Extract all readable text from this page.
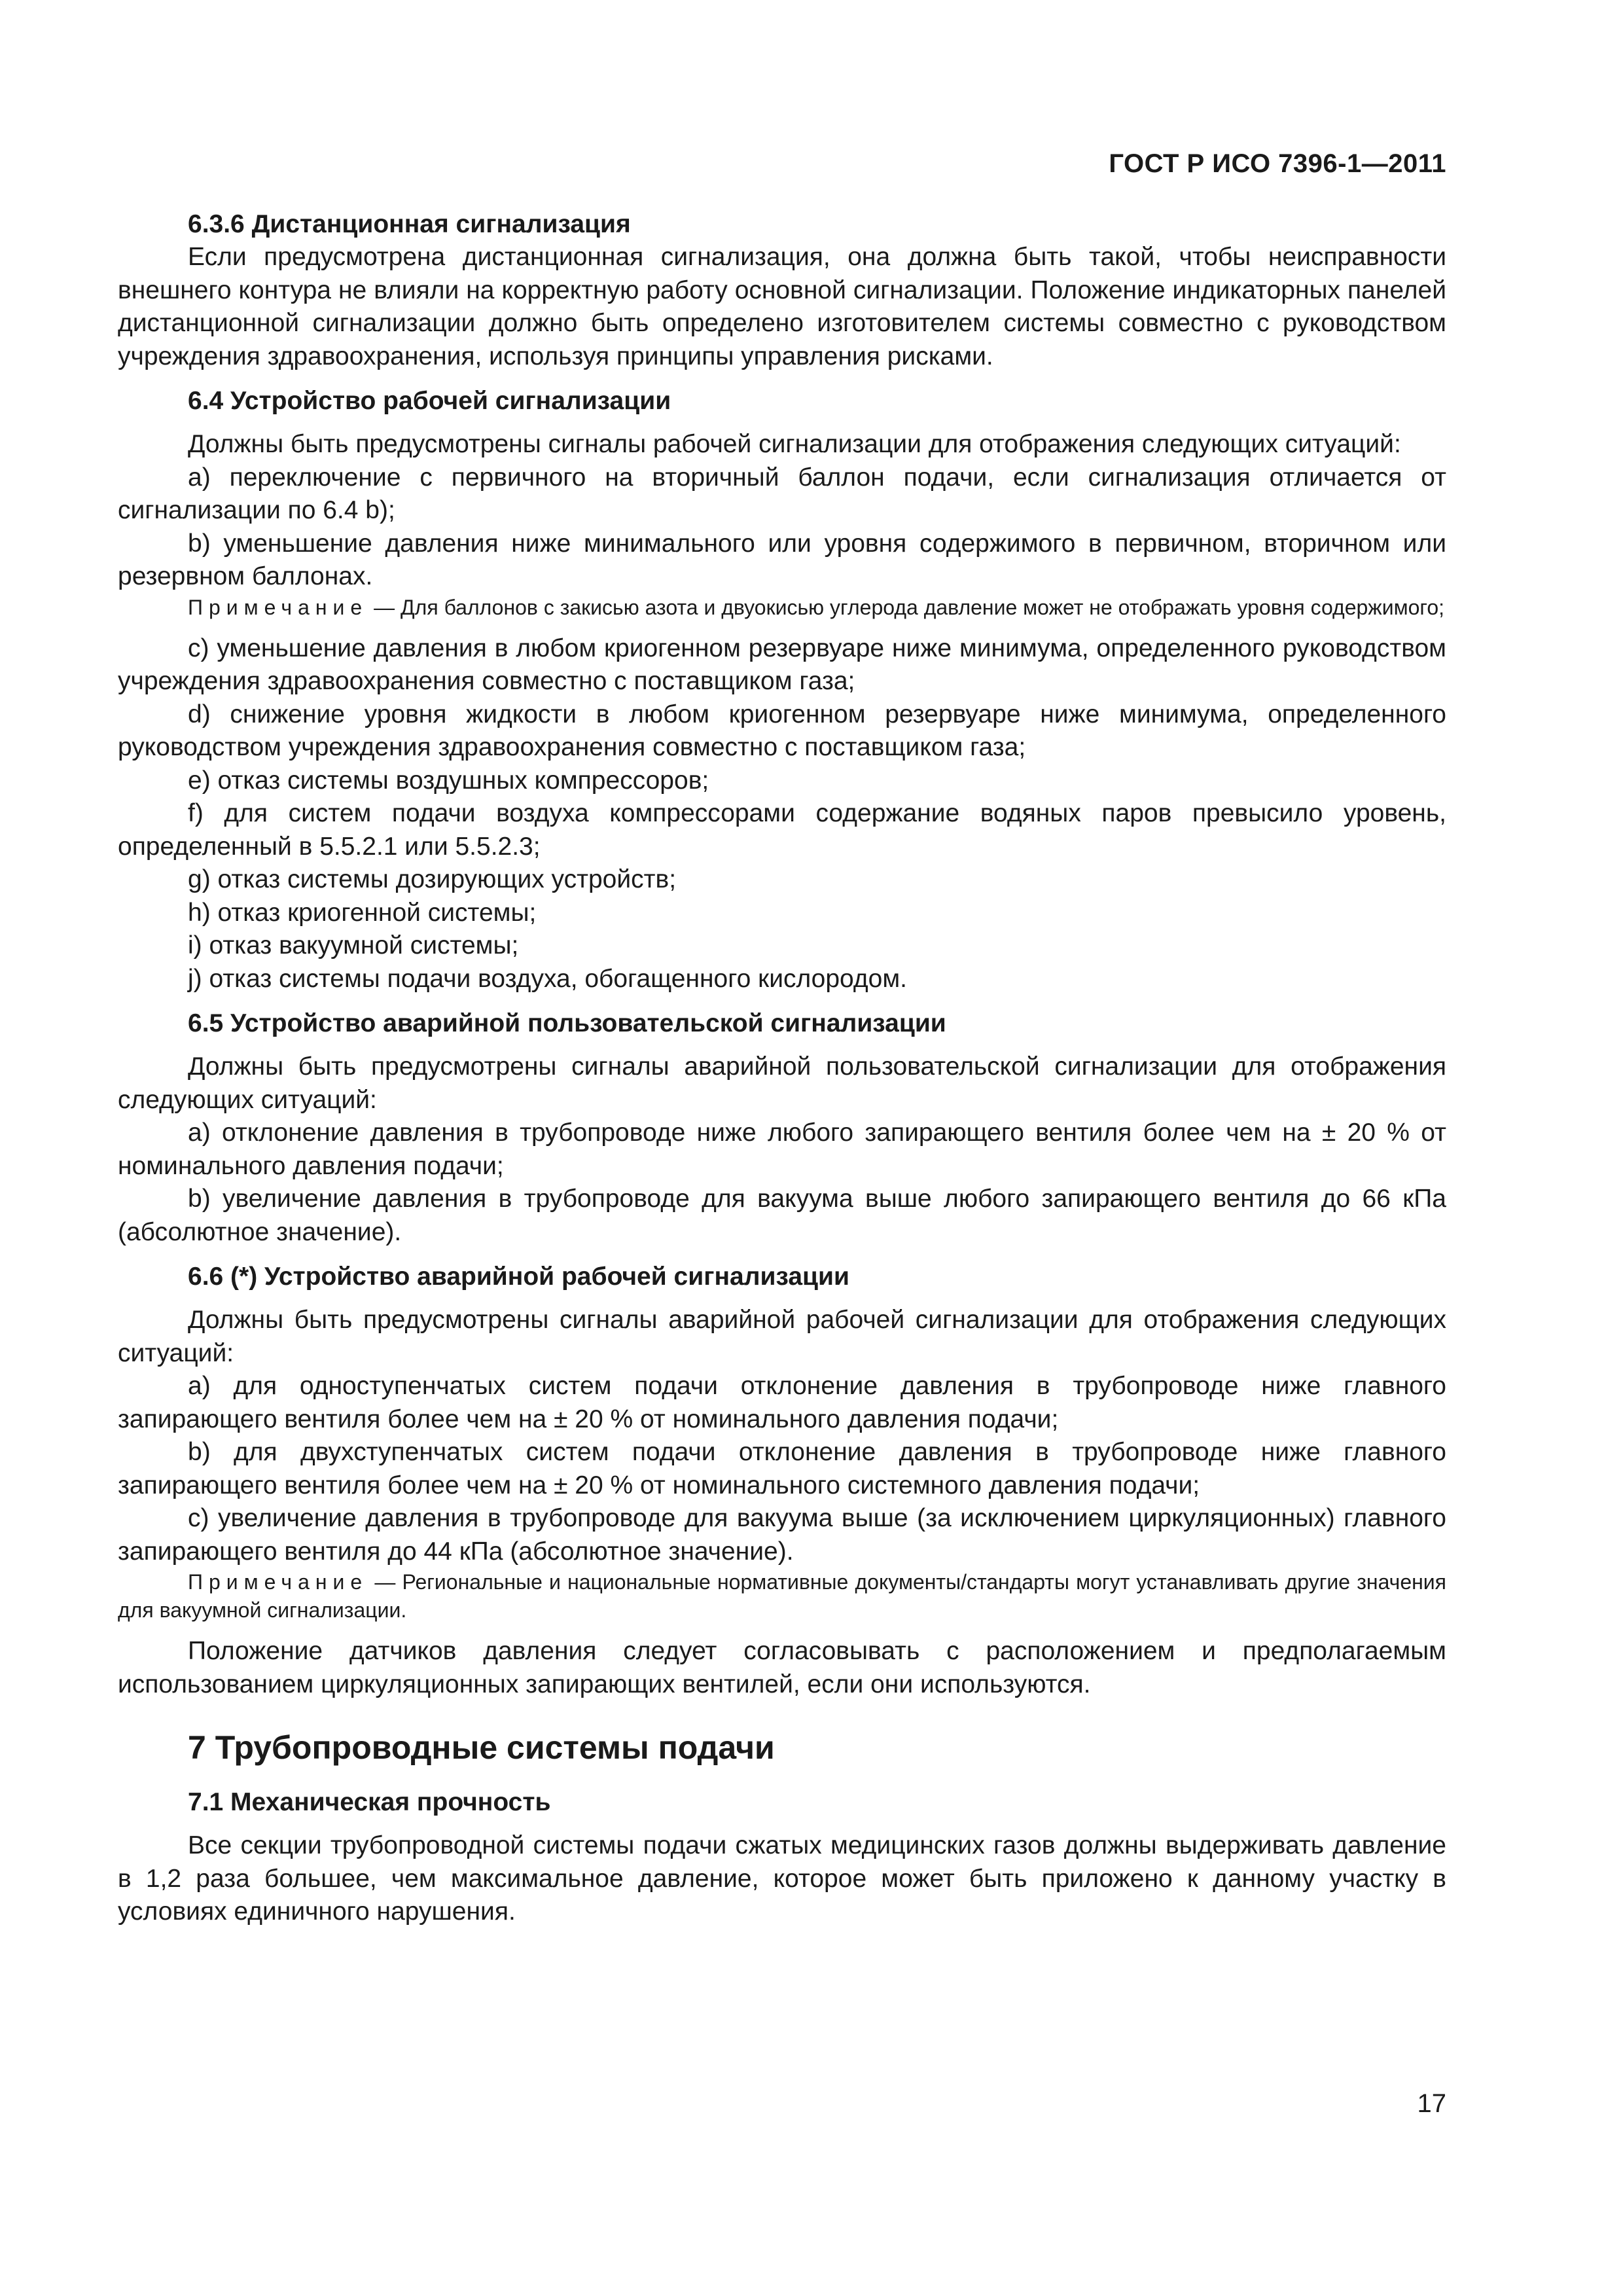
ГОСТ Р ИСО 7396-1—2011
6.3.6 Дистанционная сигнализация

Если предусмотрена дистанционная сигнализация, она должна быть такой, чтобы неисправности внешнего контура не влияли на корректную работу основной сигнализации. Положение индикаторных панелей дистанционной сигнализации должно быть определено изготовителем системы совместно с руководством учреждения здравоохранения, используя принципы управления рисками.

6.4 Устройство рабочей сигнализации

Должны быть предусмотрены сигналы рабочей сигнализации для отображения следующих ситуаций:

a) переключение с первичного на вторичный баллон подачи, если сигнализация отличается от сигнализации по 6.4 b);

b) уменьшение давления ниже минимального или уровня содержимого в первичном, вторичном или резервном баллонах.

Примечание — Для баллонов с закисью азота и двуокисью углерода давление может не отображать уровня содержимого;

c) уменьшение давления в любом криогенном резервуаре ниже минимума, определенного руководством учреждения здравоохранения совместно с поставщиком газа;

d) снижение уровня жидкости в любом криогенном резервуаре ниже минимума, определенного руководством учреждения здравоохранения совместно с поставщиком газа;

e) отказ системы воздушных компрессоров;

f) для систем подачи воздуха компрессорами содержание водяных паров превысило уровень, определенный в 5.5.2.1 или 5.5.2.3;

g) отказ системы дозирующих устройств;

h) отказ криогенной системы;

i) отказ вакуумной системы;

j) отказ системы подачи воздуха, обогащенного кислородом.

6.5 Устройство аварийной пользовательской сигнализации

Должны быть предусмотрены сигналы аварийной пользовательской сигнализации для отображения следующих ситуаций:

a) отклонение давления в трубопроводе ниже любого запирающего вентиля более чем на ± 20 % от номинального давления подачи;

b) увеличение давления в трубопроводе для вакуума выше любого запирающего вентиля до 66 кПа (абсолютное значение).

6.6 (*) Устройство аварийной рабочей сигнализации

Должны быть предусмотрены сигналы аварийной рабочей сигнализации для отображения следующих ситуаций:

a) для одноступенчатых систем подачи отклонение давления в трубопроводе ниже главного запирающего вентиля более чем на ± 20 % от номинального давления подачи;

b) для двухступенчатых систем подачи отклонение давления в трубопроводе ниже главного запирающего вентиля более чем на ± 20 % от номинального системного давления подачи;

c) увеличение давления в трубопроводе для вакуума выше (за исключением циркуляционных) главного запирающего вентиля до 44 кПа (абсолютное значение).

Примечание — Региональные и национальные нормативные документы/стандарты могут устанавливать другие значения для вакуумной сигнализации.

Положение датчиков давления следует согласовывать с расположением и предполагаемым использованием циркуляционных запирающих вентилей, если они используются.

7 Трубопроводные системы подачи
7.1 Механическая прочность

Все секции трубопроводной системы подачи сжатых медицинских газов должны выдерживать давление в 1,2 раза большее, чем максимальное давление, которое может быть приложено к данному участку в условиях единичного нарушения.

17
